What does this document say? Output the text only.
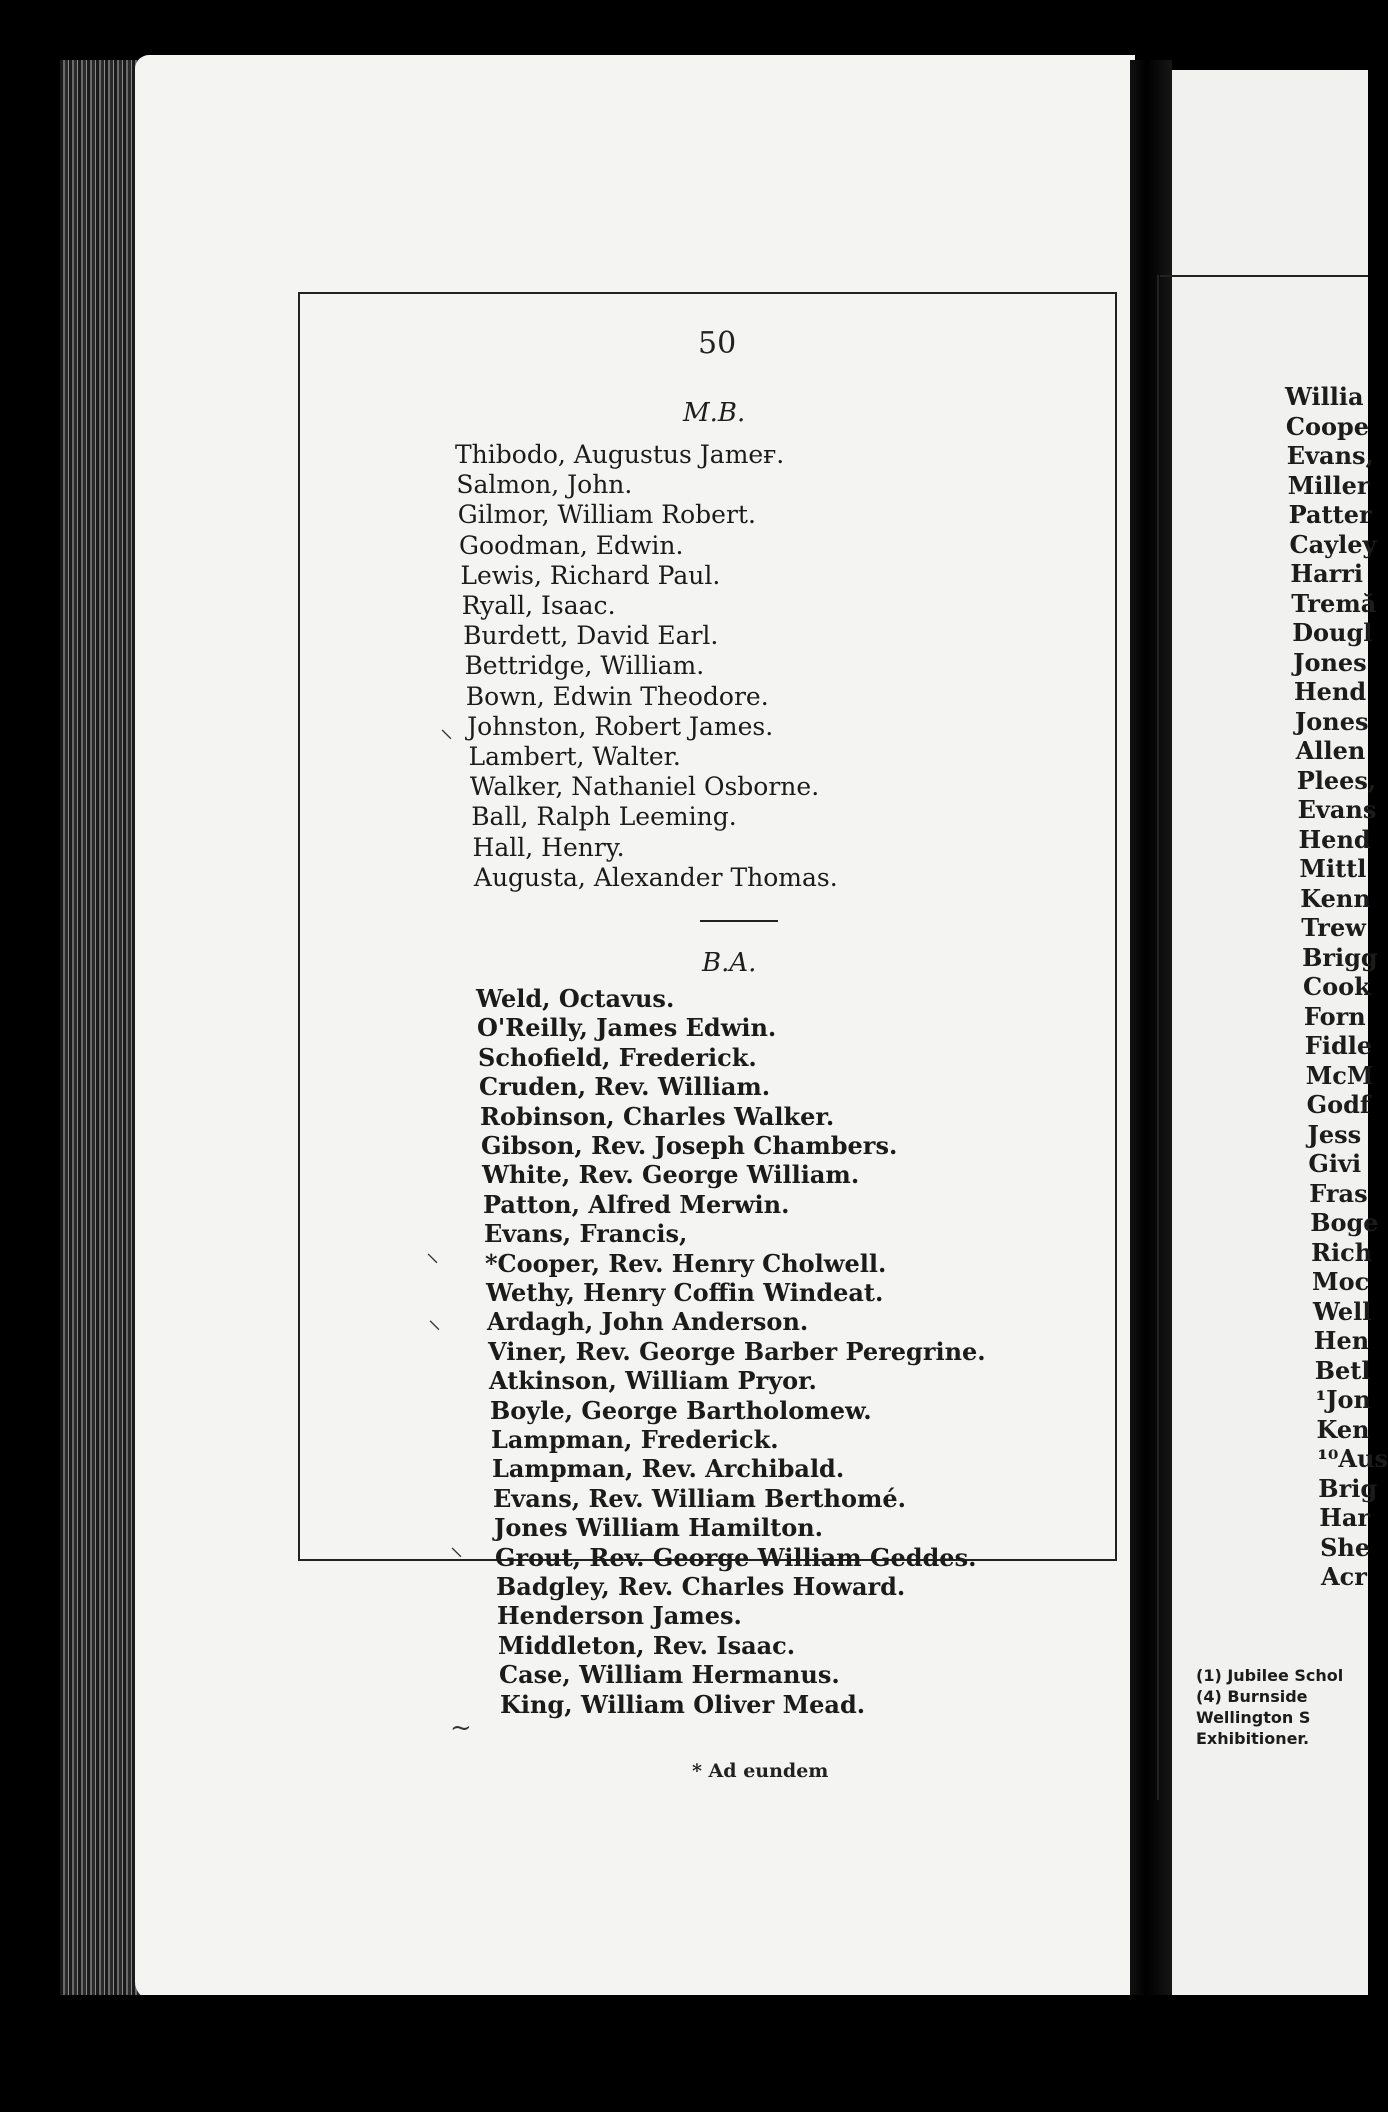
50
M.B.
Thibodo, Augustus Jameғ.
Salmon, John.
Gilmor, William Robert.
Goodman, Edwin.
Lewis, Richard Paul.
Ryall, Isaac.
Burdett, David Earl.
Bettridge, William.
Bown, Edwin Theodore.
Johnston, Robert James.
Lambert, Walter.
Walker, Nathaniel Osborne.
Ball, Ralph Leeming.
Hall, Henry.
Augusta, Alexander Thomas.
B.A.
Weld, Octavus.
O'Reilly, James Edwin.
Schofield, Frederick.
Cruden, Rev. William.
Robinson, Charles Walker.
Gibson, Rev. Joseph Chambers.
White, Rev. George William.
Patton, Alfred Merwin.
Evans, Francis,
*Cooper, Rev. Henry Cholwell.
Wethy, Henry Coffin Windeat.
Ardagh, John Anderson.
Viner, Rev. George Barber Peregrine.
Atkinson, William Pryor.
Boyle, George Bartholomew.
Lampman, Frederick.
Lampman, Rev. Archibald.
Evans, Rev. William Berthomé.
Jones William Hamilton.
Grout, Rev. George William Geddes.
Badgley, Rev. Charles Howard.
Henderson James.
Middleton, Rev. Isaac.
Case, William Hermanus.
King, William Oliver Mead.
* Ad eundem
⸌
⸌
⸜
⸌
~
Willia
Coope
Evans,
Miller
Patter
Cayley
Harri
Tremă
Dougl
Jones
Hend
Jones
Allen
Plees,
Evans
Hend
Mittl
Kenn
Trew
Brigg
Cook
Forn
Fidle
McM
Godf
Jess
Givi
Fras
Boge
Rich
Moc
Well
Hen
Betl
¹Jon
Ken
¹⁰Aus
Brig
Har
She
Acr
(1) Jubilee Schol
(4) Burnside
Wellington S
Exhibitioner.
